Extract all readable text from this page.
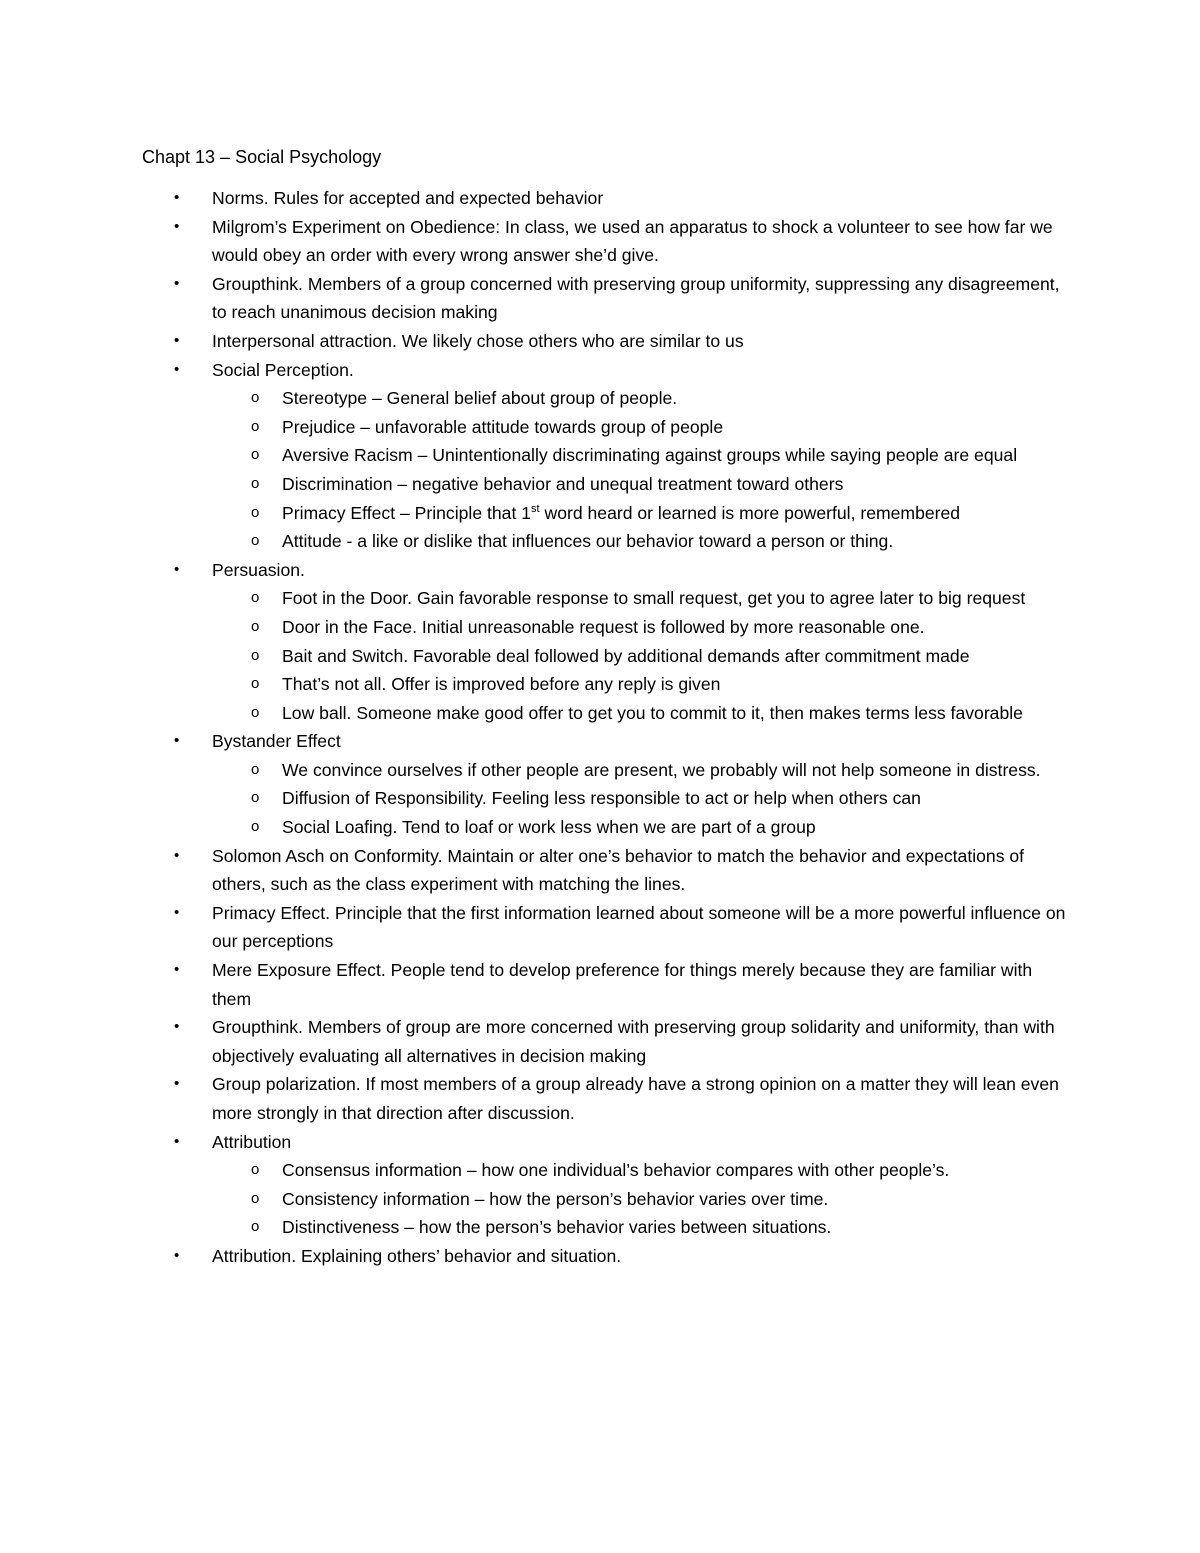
Chapt 13 – Social Psychology
• Norms. Rules for accepted and expected behavior
• Milgrom’s Experiment on Obedience: In class, we used an apparatus to shock a volunteer to see how far we would obey an order with every wrong answer she’d give.
• Groupthink. Members of a group concerned with preserving group uniformity, suppressing any disagreement, to reach unanimous decision making
• Interpersonal attraction. We likely chose others who are similar to us
• Social Perception.
o Stereotype – General belief about group of people.
o Prejudice – unfavorable attitude towards group of people
o Aversive Racism – Unintentionally discriminating against groups while saying people are equal
o Discrimination – negative behavior and unequal treatment toward others
o Primacy Effect – Principle that 1st word heard or learned is more powerful, remembered
o Attitude - a like or dislike that influences our behavior toward a person or thing.
• Persuasion.
o Foot in the Door. Gain favorable response to small request, get you to agree later to big request
o Door in the Face. Initial unreasonable request is followed by more reasonable one.
o Bait and Switch. Favorable deal followed by additional demands after commitment made
o That’s not all. Offer is improved before any reply is given
o Low ball. Someone make good offer to get you to commit to it, then makes terms less favorable
• Bystander Effect
o We convince ourselves if other people are present, we probably will not help someone in distress.
o Diffusion of Responsibility. Feeling less responsible to act or help when others can
o Social Loafing. Tend to loaf or work less when we are part of a group
• Solomon Asch on Conformity. Maintain or alter one’s behavior to match the behavior and expectations of others, such as the class experiment with matching the lines.
• Primacy Effect. Principle that the first information learned about someone will be a more powerful influence on our perceptions
• Mere Exposure Effect. People tend to develop preference for things merely because they are familiar with them
• Groupthink. Members of group are more concerned with preserving group solidarity and uniformity, than with objectively evaluating all alternatives in decision making
• Group polarization. If most members of a group already have a strong opinion on a matter they will lean even more strongly in that direction after discussion.
• Attribution
o Consensus information – how one individual’s behavior compares with other people’s.
o Consistency information – how the person’s behavior varies over time.
o Distinctiveness – how the person’s behavior varies between situations.
• Attribution. Explaining others’ behavior and situation.
